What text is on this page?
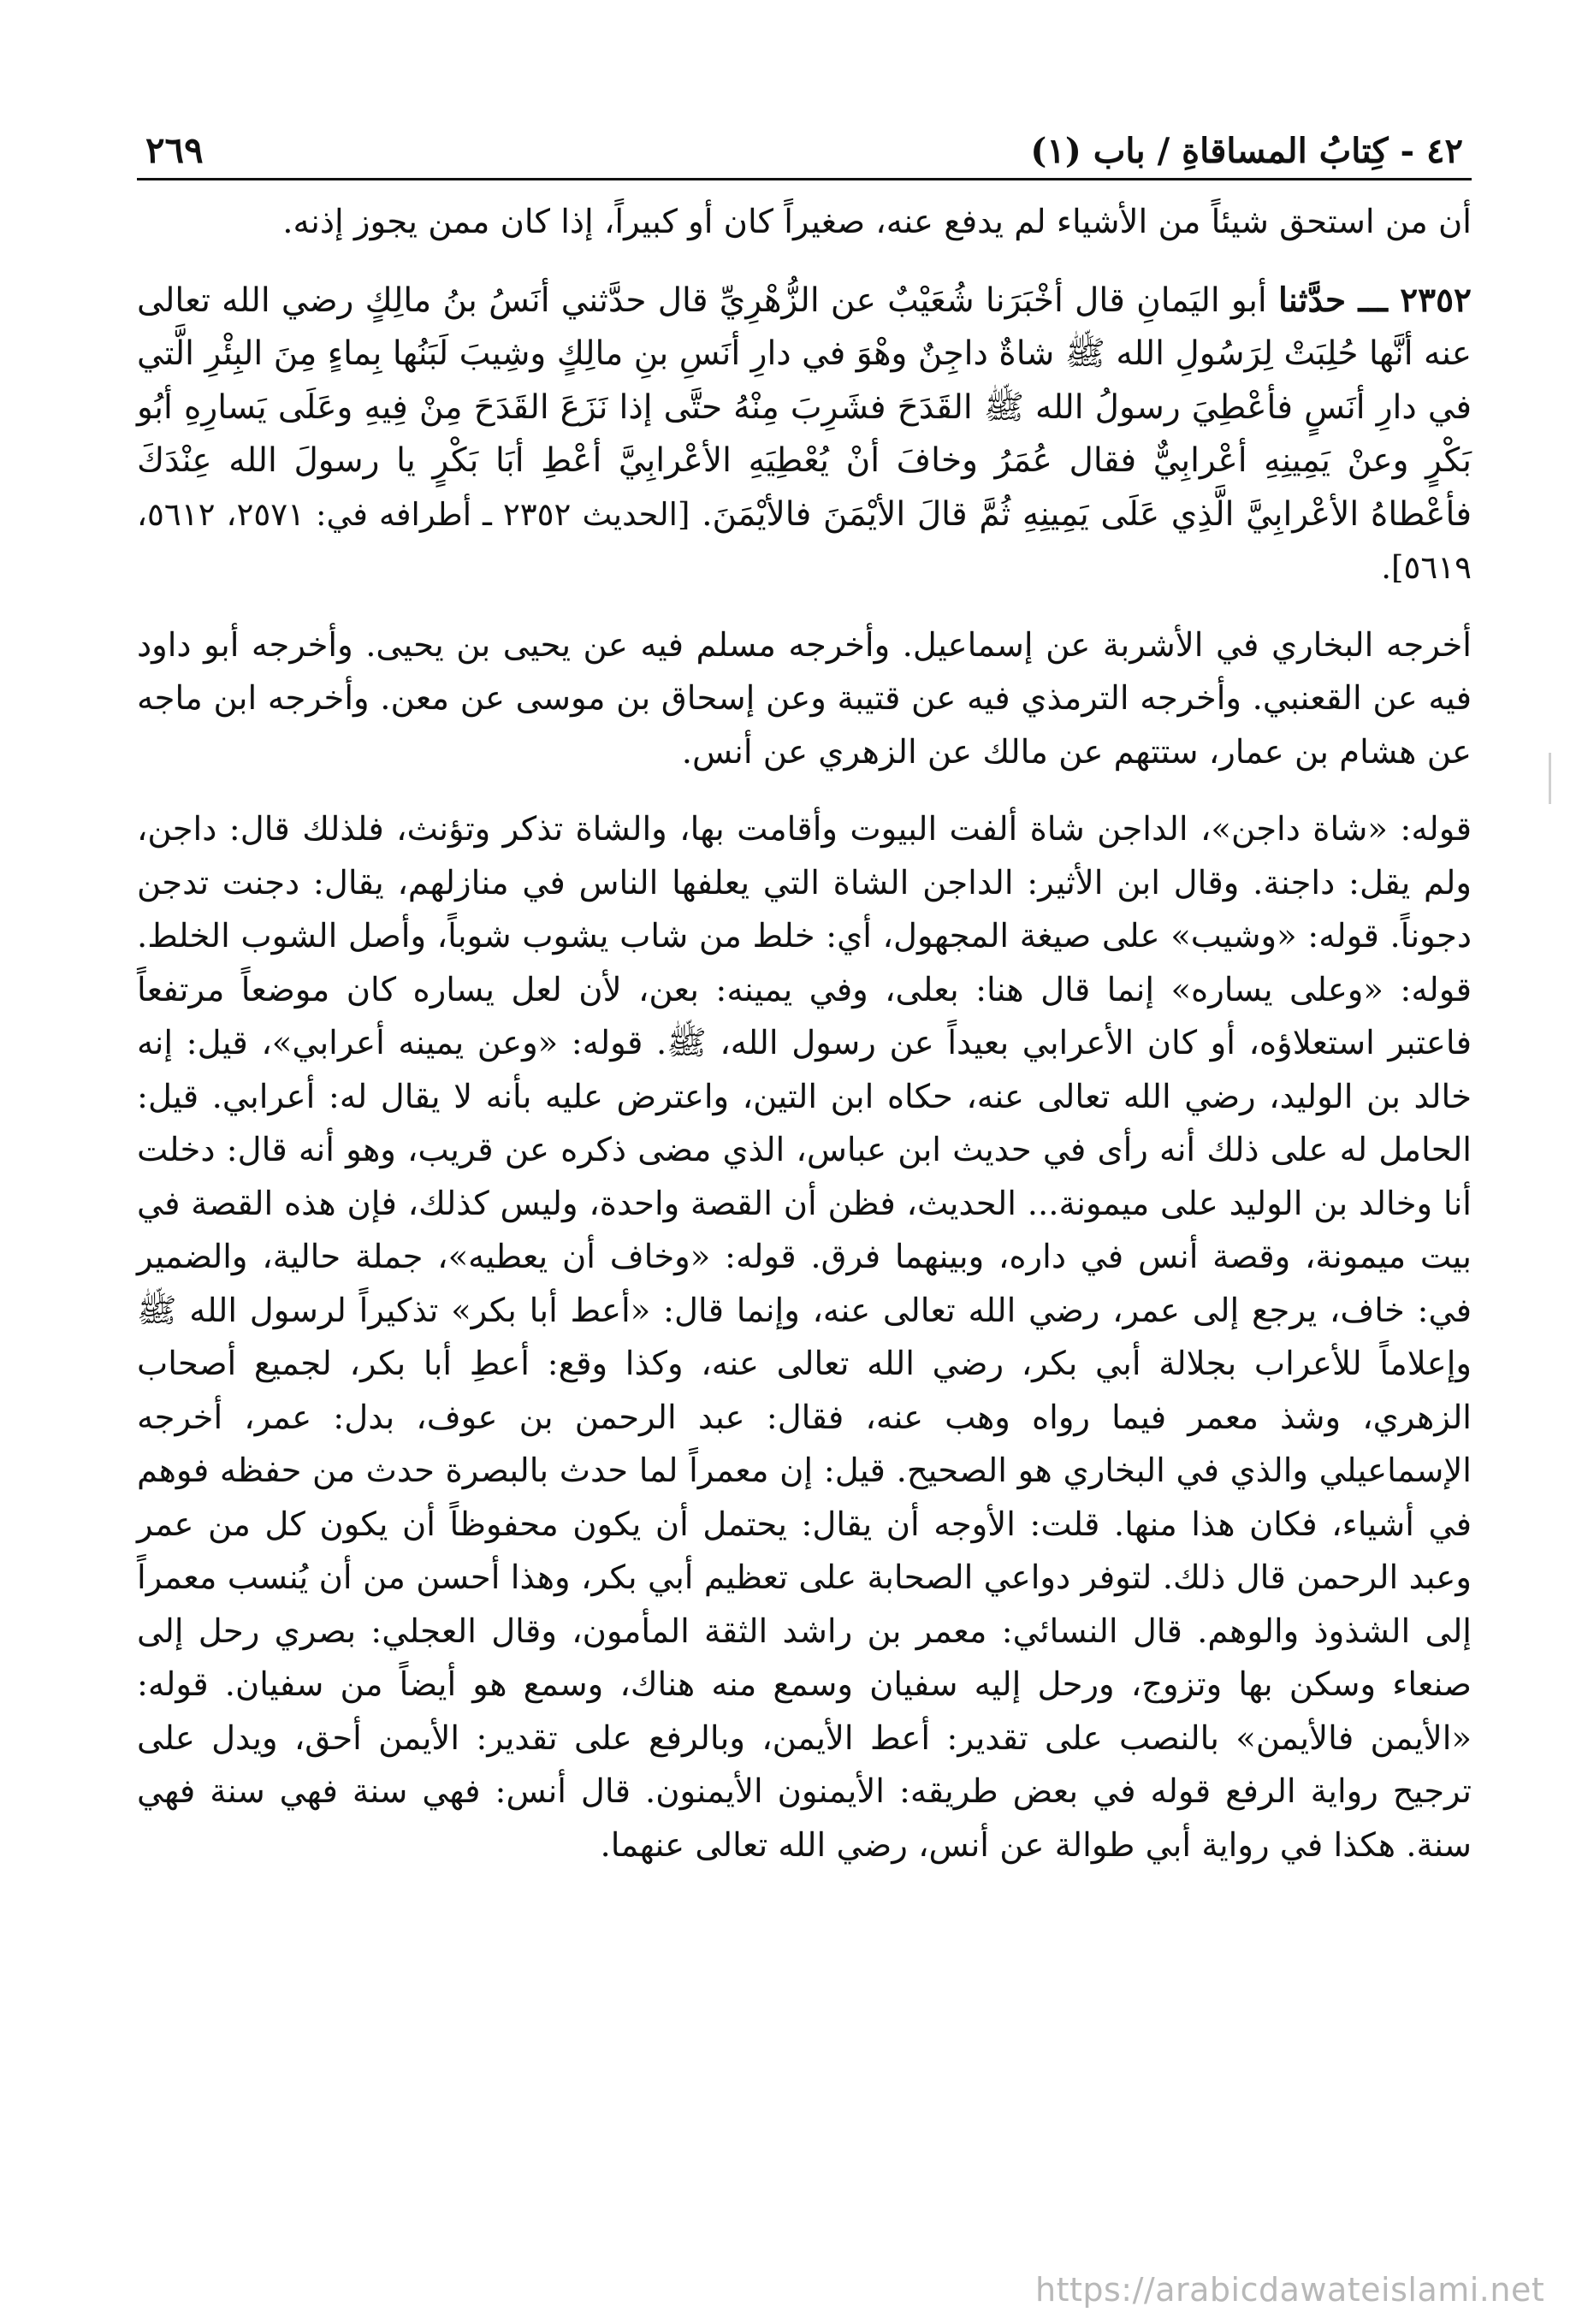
٤٢ - كِتابُ المساقاةِ / باب (١)
٢٦٩

أن من استحق شيئاً من الأشياء لم يدفع عنه، صغيراً كان أو كبيراً، إذا كان ممن يجوز إذنه.

٢٣٥٢ ـــ حدَّثنا أبو اليَمانِ قال أخْبَرَنا شُعَيْبٌ عن الزُّهْرِيِّ قال حدَّثني أنَسُ بنُ مالِكٍ رضي الله تعالى عنه أنَّها حُلِبَتْ لِرَسُولِ الله ﷺ شاةٌ داجِنٌ وهْوَ في دارِ أنَسِ بنِ مالِكٍ وشِيبَ لَبَنُها بِماءٍ مِنَ البِئْرِ الَّتي في دارِ أنَسٍ فأعْطِيَ رسولُ الله ﷺ القَدَحَ فشَرِبَ مِنْهُ حتَّى إذا نَزَعَ القَدَحَ مِنْ فِيهِ وعَلَى يَسارِهِ أبُو بَكْرٍ وعنْ يَمِينِهِ أعْرابِيٌّ فقال عُمَرُ وخافَ أنْ يُعْطِيَهِ الأعْرابِيَّ أعْطِ أبَا بَكْرٍ يا رسولَ الله عِنْدَكَ فأعْطاهُ الأعْرابِيَّ الَّذِي عَلَى يَمِينِهِ ثُمَّ قالَ الأيْمَنَ فالأيْمَنَ. [الحديث ٢٣٥٢ ـ أطرافه في: ٢٥٧١، ٥٦١٢، ٥٦١٩].

أخرجه البخاري في الأشربة عن إسماعيل. وأخرجه مسلم فيه عن يحيى بن يحيى. وأخرجه أبو داود فيه عن القعنبي. وأخرجه الترمذي فيه عن قتيبة وعن إسحاق بن موسى عن معن. وأخرجه ابن ماجه عن هشام بن عمار، ستتهم عن مالك عن الزهري عن أنس.

قوله: «شاة داجن»، الداجن شاة ألفت البيوت وأقامت بها، والشاة تذكر وتؤنث، فلذلك قال: داجن، ولم يقل: داجنة. وقال ابن الأثير: الداجن الشاة التي يعلفها الناس في منازلهم، يقال: دجنت تدجن دجوناً. قوله: «وشيب» على صيغة المجهول، أي: خلط من شاب يشوب شوباً، وأصل الشوب الخلط. قوله: «وعلى يساره» إنما قال هنا: بعلى، وفي يمينه: بعن، لأن لعل يساره كان موضعاً مرتفعاً فاعتبر استعلاؤه، أو كان الأعرابي بعيداً عن رسول الله، ﷺ. قوله: «وعن يمينه أعرابي»، قيل: إنه خالد بن الوليد، رضي الله تعالى عنه، حكاه ابن التين، واعترض عليه بأنه لا يقال له: أعرابي. قيل: الحامل له على ذلك أنه رأى في حديث ابن عباس، الذي مضى ذكره عن قريب، وهو أنه قال: دخلت أنا وخالد بن الوليد على ميمونة... الحديث، فظن أن القصة واحدة، وليس كذلك، فإن هذه القصة في بيت ميمونة، وقصة أنس في داره، وبينهما فرق. قوله: «وخاف أن يعطيه»، جملة حالية، والضمير في: خاف، يرجع إلى عمر، رضي الله تعالى عنه، وإنما قال: «أعط أبا بكر» تذكيراً لرسول الله ﷺ وإعلاماً للأعراب بجلالة أبي بكر، رضي الله تعالى عنه، وكذا وقع: أعطِ أبا بكر، لجميع أصحاب الزهري، وشذ معمر فيما رواه وهب عنه، فقال: عبد الرحمن بن عوف، بدل: عمر، أخرجه الإسماعيلي والذي في البخاري هو الصحيح. قيل: إن معمراً لما حدث بالبصرة حدث من حفظه فوهم في أشياء، فكان هذا منها. قلت: الأوجه أن يقال: يحتمل أن يكون محفوظاً أن يكون كل من عمر وعبد الرحمن قال ذلك. لتوفر دواعي الصحابة على تعظيم أبي بكر، وهذا أحسن من أن يُنسب معمراً إلى الشذوذ والوهم. قال النسائي: معمر بن راشد الثقة المأمون، وقال العجلي: بصري رحل إلى صنعاء وسكن بها وتزوج، ورحل إليه سفيان وسمع منه هناك، وسمع هو أيضاً من سفيان. قوله: «الأيمن فالأيمن» بالنصب على تقدير: أعط الأيمن، وبالرفع على تقدير: الأيمن أحق، ويدل على ترجيح رواية الرفع قوله في بعض طريقه: الأيمنون الأيمنون. قال أنس: فهي سنة فهي سنة فهي سنة. هكذا في رواية أبي طوالة عن أنس، رضي الله تعالى عنهما.

https://arabicdawateislami.net
